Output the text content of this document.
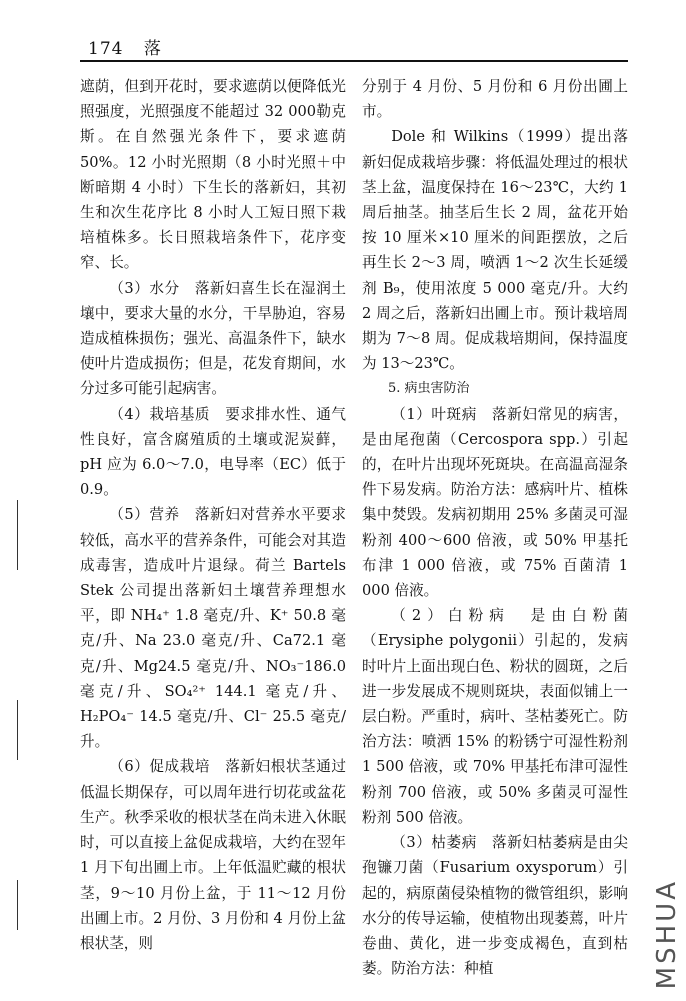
174 落

遮荫，但到开花时，要求遮荫以便降低光照强度，光照强度不能超过 32 000勒克斯。在自然强光条件下，要求遮荫 50%。12 小时光照期（8 小时光照＋中断暗期 4 小时）下生长的落新妇，其初生和次生花序比 8 小时人工短日照下栽培植株多。长日照栽培条件下，花序变窄、长。

（3）水分　落新妇喜生长在湿润土壤中，要求大量的水分，干旱胁迫，容易造成植株损伤；强光、高温条件下，缺水使叶片造成损伤；但是，花发育期间，水分过多可能引起病害。

（4）栽培基质　要求排水性、通气性良好，富含腐殖质的土壤或泥炭藓，pH 应为 6.0～7.0，电导率（EC）低于 0.9。

（5）营养　落新妇对营养水平要求较低，高水平的营养条件，可能会对其造成毒害，造成叶片退绿。荷兰 Bartels Stek 公司提出落新妇土壤营养理想水平，即 NH₄⁺ 1.8 毫克/升、K⁺ 50.8 毫克/升、Na 23.0 毫克/升、Ca72.1 毫克/升、Mg24.5 毫克/升、NO₃⁻186.0 毫克/升、SO₄²⁺ 144.1 毫克/升、H₂PO₄⁻ 14.5 毫克/升、Cl⁻ 25.5 毫克/升。

（6）促成栽培　落新妇根状茎通过低温长期保存，可以周年进行切花或盆花生产。秋季采收的根状茎在尚未进入休眠时，可以直接上盆促成栽培，大约在翌年 1 月下旬出圃上市。上年低温贮藏的根状茎，9～10 月份上盆，于 11～12 月份出圃上市。2 月份、3 月份和 4 月份上盆根状茎，则

分别于 4 月份、5 月份和 6 月份出圃上市。

Dole 和 Wilkins（1999）提出落新妇促成栽培步骤：将低温处理过的根状茎上盆，温度保持在 16～23℃，大约 1 周后抽茎。抽茎后生长 2 周，盆花开始按 10 厘米×10 厘米的间距摆放，之后再生长 2～3 周，喷洒 1～2 次生长延缓剂 B₉，使用浓度 5 000 毫克/升。大约 2 周之后，落新妇出圃上市。预计栽培周期为 7～8 周。促成栽培期间，保持温度为 13～23℃。

5. 病虫害防治

（1）叶斑病　落新妇常见的病害，是由尾孢菌（Cercospora spp.）引起的，在叶片出现坏死斑块。在高温高湿条件下易发病。防治方法：感病叶片、植株集中焚毁。发病初期用 25% 多菌灵可湿粉剂 400～600 倍液，或 50% 甲基托布津 1 000 倍液，或 75% 百菌清 1 000 倍液。

（2）白粉病　是由白粉菌（Erysiphe polygonii）引起的，发病时叶片上面出现白色、粉状的圆斑，之后进一步发展成不规则斑块，表面似铺上一层白粉。严重时，病叶、茎枯萎死亡。防治方法：喷洒 15% 的粉锈宁可湿性粉剂 1 500 倍液，或 70% 甲基托布津可湿性粉剂 700 倍液，或 50% 多菌灵可湿性粉剂 500 倍液。

（3）枯萎病　落新妇枯萎病是由尖孢镰刀菌（Fusarium oxysporum）引起的，病原菌侵染植物的微管组织，影响水分的传导运输，使植物出现萎蔫，叶片卷曲、黄化，进一步变成褐色，直到枯萎。防治方法：种植	MSHUA
